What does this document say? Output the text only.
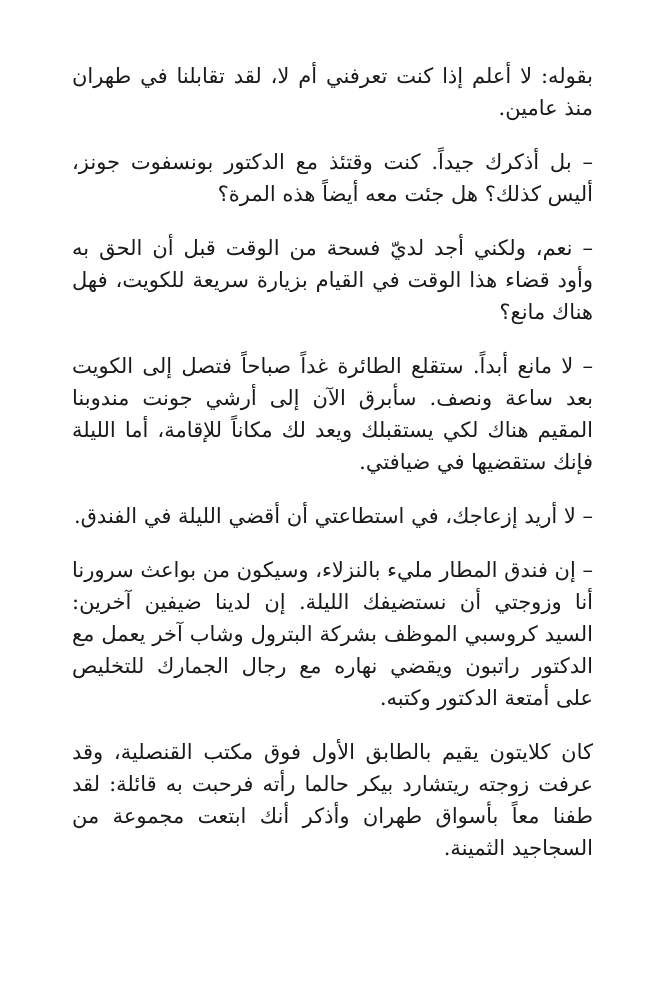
بقوله: لا أعلم إذا كنت تعرفني أم لا، لقد تقابلنا في طهران منذ عامين.

– بل أذكرك جيداً. كنت وقتئذ مع الدكتور بونسفوت جونز، أليس كذلك؟ هل جئت معه أيضاً هذه المرة؟

– نعم، ولكني أجد لديّ فسحة من الوقت قبل أن الحق به وأود قضاء هذا الوقت في القيام بزيارة سريعة للكويت، فهل هناك مانع؟

– لا مانع أبداً. ستقلع الطائرة غداً صباحاً فتصل إلى الكويت بعد ساعة ونصف. سأبرق الآن إلى أرشي جونت مندوبنا المقيم هناك لكي يستقبلك ويعد لك مكاناً للإقامة، أما الليلة فإنك ستقضيها في ضيافتي.

– لا أريد إزعاجك، في استطاعتي أن أقضي الليلة في الفندق.

– إن فندق المطار مليء بالنزلاء، وسيكون من بواعث سرورنا أنا وزوجتي أن نستضيفك الليلة. إن لدينا ضيفين آخرين: السيد كروسبي الموظف بشركة البترول وشاب آخر يعمل مع الدكتور راتبون ويقضي نهاره مع رجال الجمارك للتخليص على أمتعة الدكتور وكتبه.

كان كلايتون يقيم بالطابق الأول فوق مكتب القنصلية، وقد عرفت زوجته ريتشارد بيكر حالما رأته فرحبت به قائلة: لقد طفنا معاً بأسواق طهران وأذكر أنك ابتعت مجموعة من السجاجيد الثمينة.
